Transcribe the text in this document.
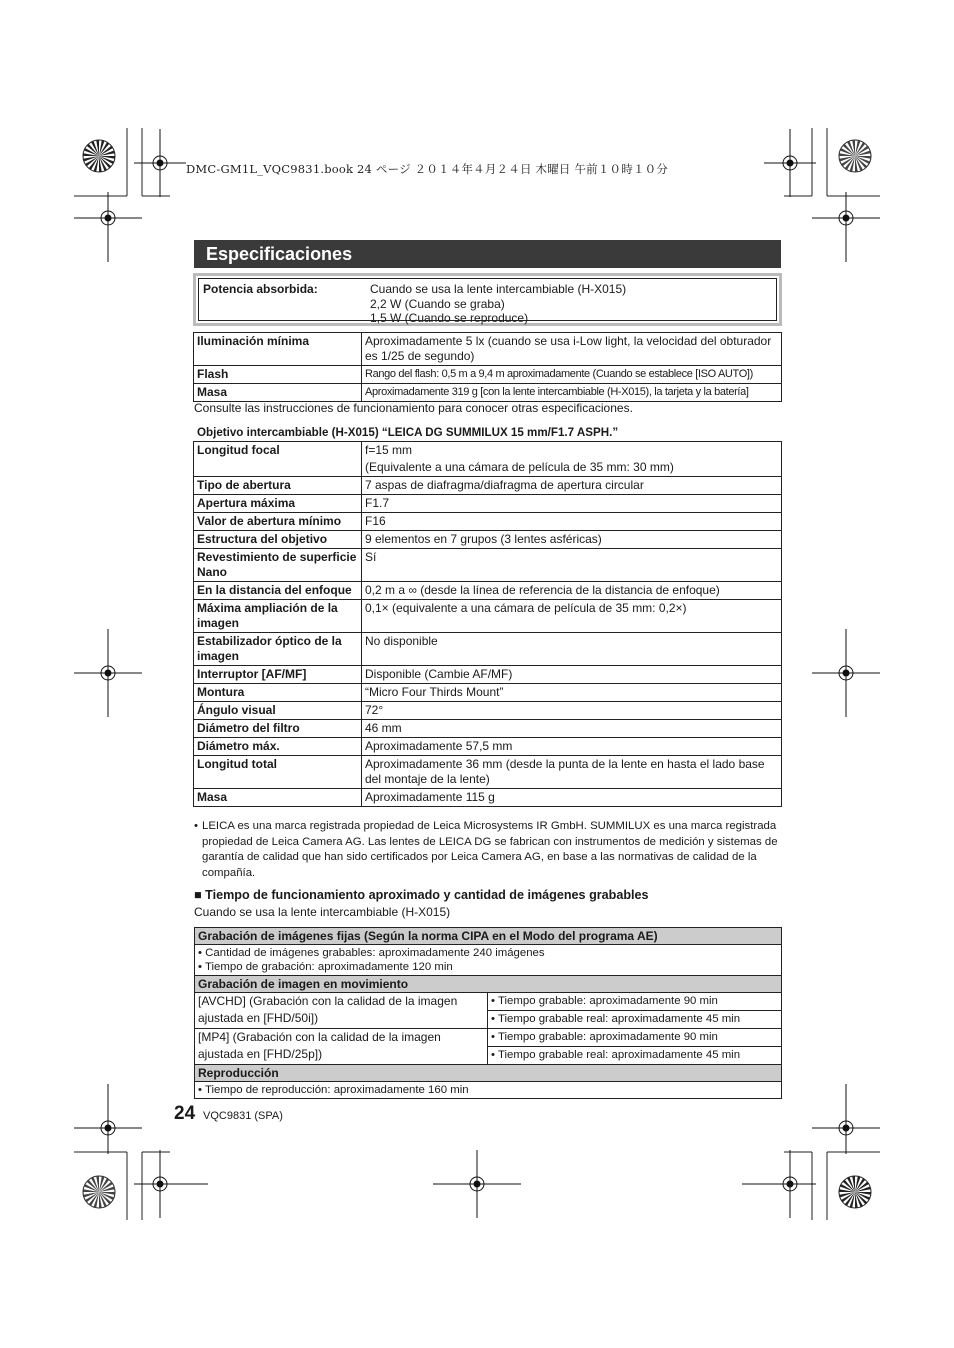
DMC-GM1L_VQC9831.book 24 ページ ２０１４年４月２４日 木曜日 午前１０時１０分
Especificaciones
Potencia absorbida:	Cuando se usa la lente intercambiable (H-X015)
2,2 W (Cuando se graba)
1,5 W (Cuando se reproduce)
Iluminación mínima	Aproximadamente 5 lx (cuando se usa i-Low light, la velocidad del obturador es 1/25 de segundo)
Flash	Rango del flash: 0,5 m a 9,4 m aproximadamente (Cuando se establece [ISO AUTO])
Masa	Aproximadamente 319 g [con la lente intercambiable (H-X015), la tarjeta y la batería]
Consulte las instrucciones de funcionamiento para conocer otras especificaciones.
Objetivo intercambiable (H-X015) “LEICA DG SUMMILUX 15 mm/F1.7 ASPH.”
Longitud focal	f=15 mm
(Equivalente a una cámara de película de 35 mm: 30 mm)

Tipo de abertura	7 aspas de diafragma/diafragma de apertura circular
Apertura máxima	F1.7
Valor de abertura mínimo	F16
Estructura del objetivo	9 elementos en 7 grupos (3 lentes asféricas)
Revestimiento de superficie Nano	Sí
En la distancia del enfoque	0,2 m a ∞ (desde la línea de referencia de la distancia de enfoque)
Máxima ampliación de la imagen	0,1× (equivalente a una cámara de película de 35 mm: 0,2×)
Estabilizador óptico de la imagen	No disponible
Interruptor [AF/MF]	Disponible (Cambie AF/MF)
Montura	“Micro Four Thirds Mount”
Ángulo visual	72°
Diámetro del filtro	46 mm
Diámetro máx.	Aproximadamente 57,5 mm
Longitud total	Aproximadamente 36 mm (desde la punta de la lente en hasta el lado base del montaje de la lente)
Masa	Aproximadamente 115 g
• LEICA es una marca registrada propiedad de Leica Microsystems IR GmbH. SUMMILUX es una marca registrada propiedad de Leica Camera AG. Las lentes de LEICA DG se fabrican con instrumentos de medición y sistemas de garantía de calidad que han sido certificados por Leica Camera AG, en base a las normativas de calidad de la compañía.
■ Tiempo de funcionamiento aproximado y cantidad de imágenes grabables
Cuando se usa la lente intercambiable (H-X015)
Grabación de imágenes fijas (Según la norma CIPA en el Modo del programa AE)	

• Cantidad de imágenes grabables: aproximadamente 240 imágenes
• Tiempo de grabación: aproximadamente 120 min	

Grabación de imagen en movimiento	
[AVCHD] (Grabación con la calidad de la imagen ajustada en [FHD/50i])	• Tiempo grabable: aproximadamente 90 min
	• Tiempo grabable real: aproximadamente 45 min
[MP4] (Grabación con la calidad de la imagen ajustada en [FHD/25p])	• Tiempo grabable: aproximadamente 90 min
	• Tiempo grabable real: aproximadamente 45 min
Reproducción	
• Tiempo de reproducción: aproximadamente 160 min	
24 VQC9831 (SPA)
